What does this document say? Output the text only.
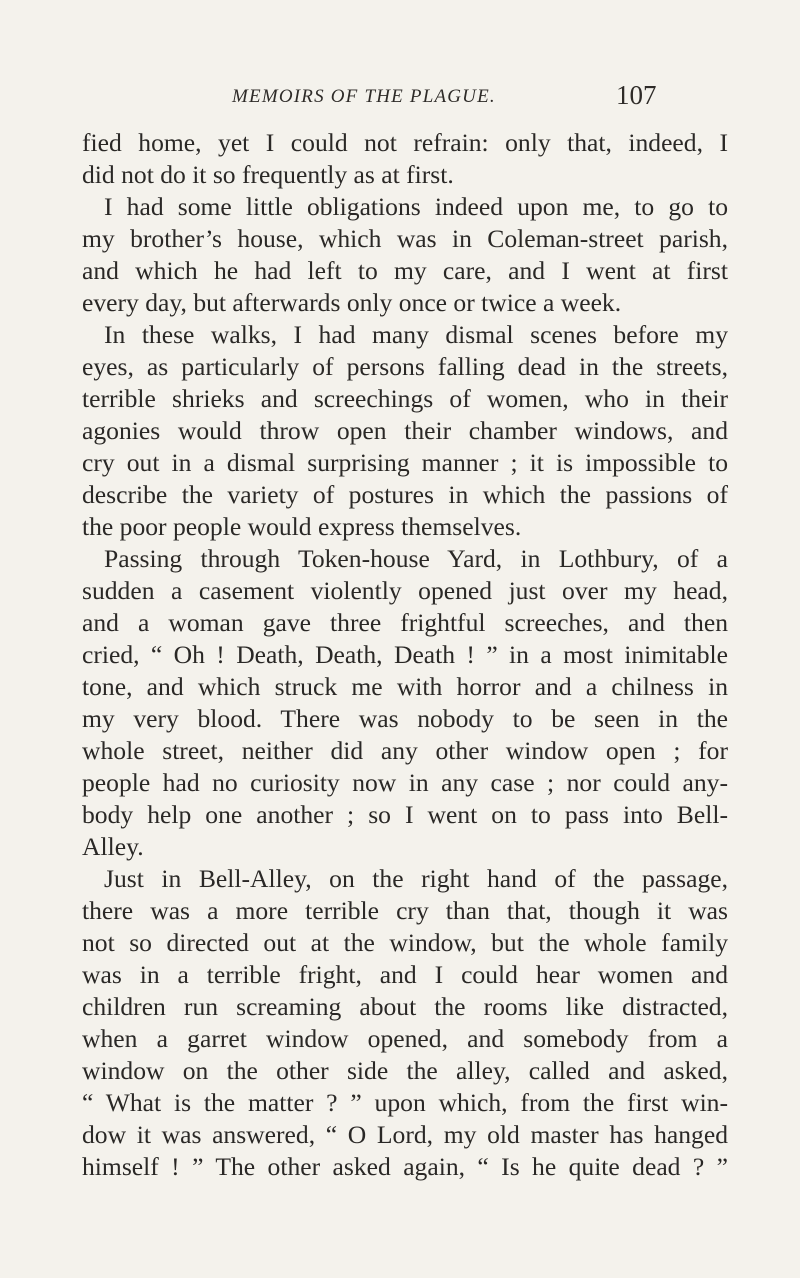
MEMOIRS OF THE PLAGUE.	107
fied home, yet I could not refrain: only that, indeed, I
did not do it so frequently as at first.
I had some little obligations indeed upon me, to go to
my brother’s house, which was in Coleman-street parish,
and which he had left to my care, and I went at first
every day, but afterwards only once or twice a week.
In these walks, I had many dismal scenes before my
eyes, as particularly of persons falling dead in the streets,
terrible shrieks and screechings of women, who in their
agonies would throw open their chamber windows, and
cry out in a dismal surprising manner ; it is impossible to
describe the variety of postures in which the passions of
the poor people would express themselves.
Passing through Token-house Yard, in Lothbury, of a
sudden a casement violently opened just over my head,
and a woman gave three frightful screeches, and then
cried, “ Oh ! Death, Death, Death ! ” in a most inimitable
tone, and which struck me with horror and a chilness in
my very blood. There was nobody to be seen in the
whole street, neither did any other window open ; for
people had no curiosity now in any case ; nor could any-
body help one another ; so I went on to pass into Bell-
Alley.
Just in Bell-Alley, on the right hand of the passage,
there was a more terrible cry than that, though it was
not so directed out at the window, but the whole family
was in a terrible fright, and I could hear women and
children run screaming about the rooms like distracted,
when a garret window opened, and somebody from a
window on the other side the alley, called and asked,
“ What is the matter ? ” upon which, from the first win-
dow it was answered, “ O Lord, my old master has hanged
himself ! ” The other asked again, “ Is he quite dead ? ”
